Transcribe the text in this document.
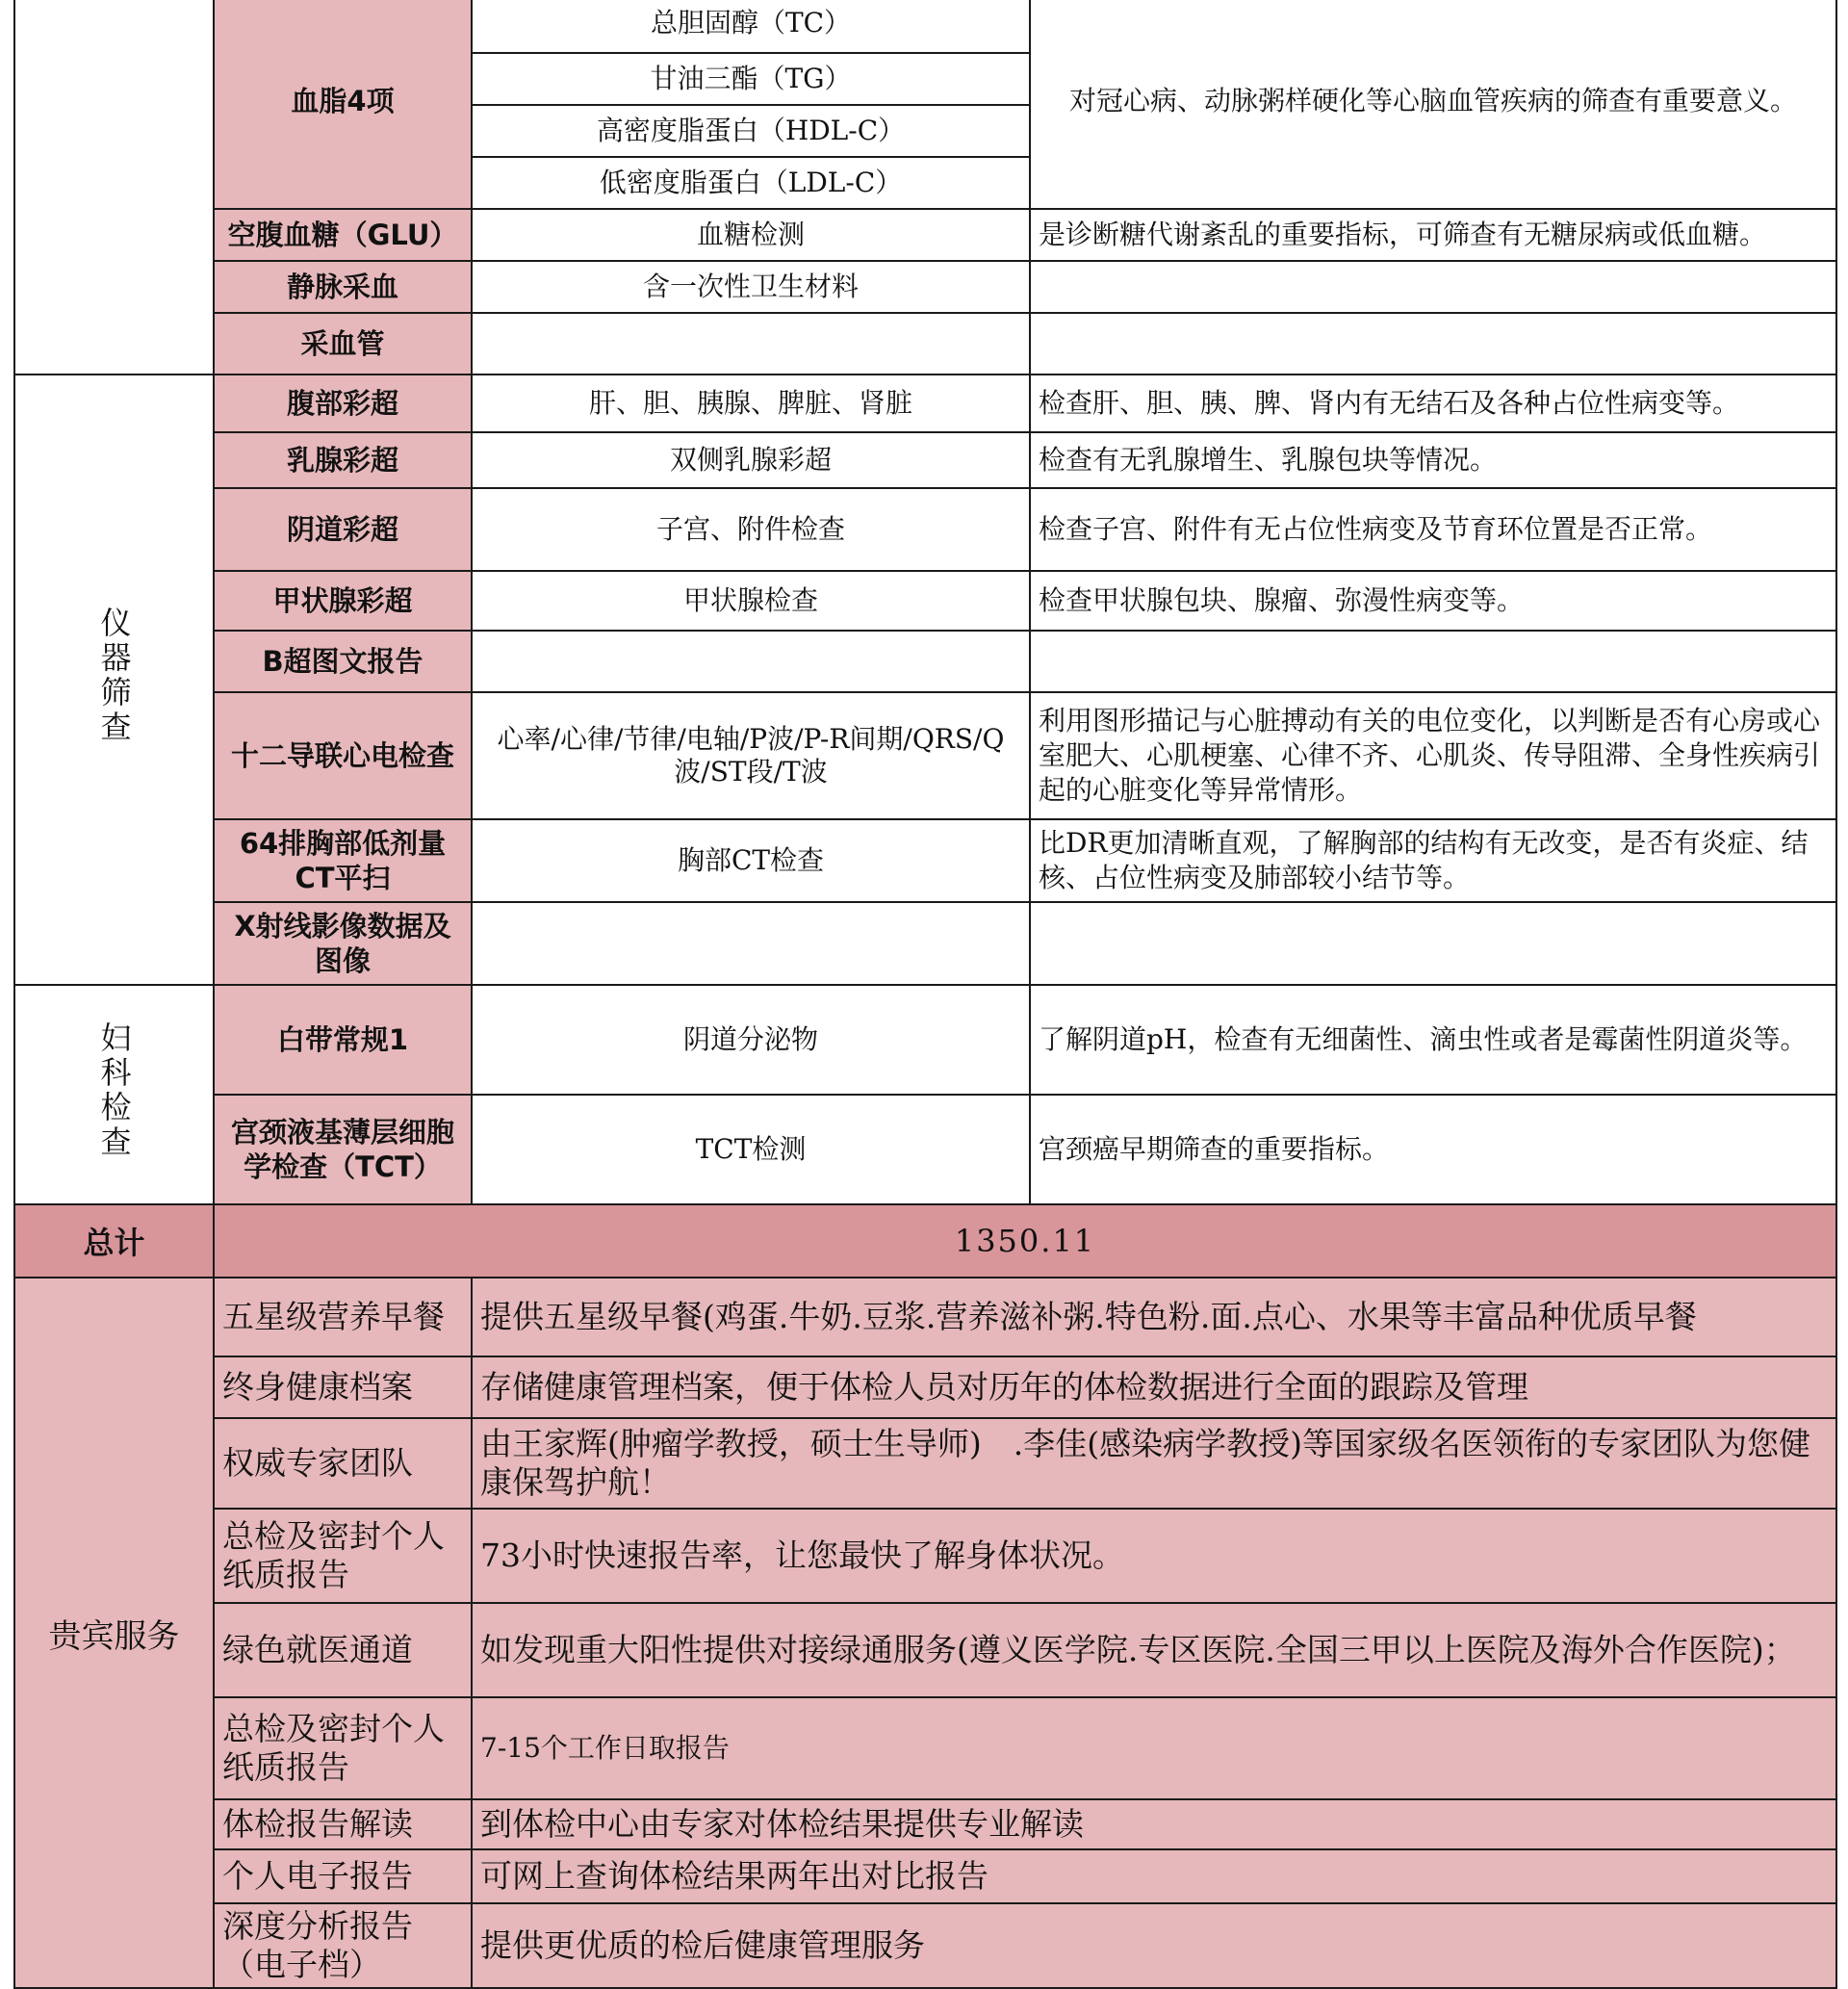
	血脂4项	总胆固醇（TC）	对冠心病、动脉粥样硬化等心脑血管疾病的筛查有重要意义。
		甘油三酯（TG）	
		高密度脂蛋白（HDL-C）	
		低密度脂蛋白（LDL-C）	
	空腹血糖（GLU）	血糖检测	是诊断糖代谢紊乱的重要指标，可筛查有无糖尿病或低血糖。
	静脉采血	含一次性卫生材料	
	采血管		
仪器筛查	腹部彩超	肝、胆、胰腺、脾脏、肾脏	检查肝、胆、胰、脾、肾内有无结石及各种占位性病变等。
	乳腺彩超	双侧乳腺彩超	检查有无乳腺增生、乳腺包块等情况。
	阴道彩超	子宫、附件检查	检查子宫、附件有无占位性病变及节育环位置是否正常。
	甲状腺彩超	甲状腺检查	检查甲状腺包块、腺瘤、弥漫性病变等。
	B超图文报告		
	十二导联心电检查	心率/心律/节律/电轴/P波/P-R间期/QRS/Q波/ST段/T波	利用图形描记与心脏搏动有关的电位变化，以判断是否有心房或心室肥大、心肌梗塞、心律不齐、心肌炎、传导阻滞、全身性疾病引起的心脏变化等异常情形。
	64排胸部低剂量CT平扫	胸部CT检查	比DR更加清晰直观，了解胸部的结构有无改变，是否有炎症、结核、占位性病变及肺部较小结节等。
	X射线影像数据及图像		
妇科检查	白带常规1	阴道分泌物	了解阴道pH，检查有无细菌性、滴虫性或者是霉菌性阴道炎等。
	宫颈液基薄层细胞学检查（TCT）	TCT检测	宫颈癌早期筛查的重要指标。
总计	1350.11		
贵宾服务	五星级营养早餐	提供五星级早餐(鸡蛋.牛奶.豆浆.营养滋补粥.特色粉.面.点心、水果等丰富品种优质早餐	
	终身健康档案	存储健康管理档案，便于体检人员对历年的体检数据进行全面的跟踪及管理	
	权威专家团队	由王家辉(肿瘤学教授，硕士生导师)　.李佳(感染病学教授)等国家级名医领衔的专家团队为您健康保驾护航！	
	总检及密封个人纸质报告	73小时快速报告率，让您最快了解身体状况。	
	绿色就医通道	如发现重大阳性提供对接绿通服务(遵义医学院.专区医院.全国三甲以上医院及海外合作医院)；	
	总检及密封个人纸质报告	7-15个工作日取报告	
	体检报告解读	到体检中心由专家对体检结果提供专业解读	
	个人电子报告	可网上查询体检结果两年出对比报告	
	深度分析报告（电子档）	提供更优质的检后健康管理服务	
